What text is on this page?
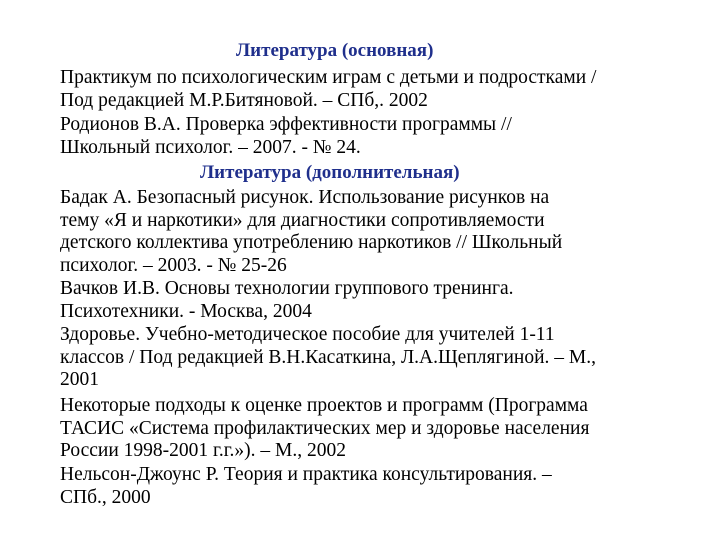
Литература (основная)
Практикум по психологическим играм с детьми и подростками /
Под редакцией М.Р.Битяновой. – СПб,. 2002
Родионов В.А. Проверка эффективности программы //
Школьный психолог. – 2007. - № 24.
Литература (дополнительная)
Бадак А. Безопасный рисунок. Использование рисунков на
тему «Я и наркотики» для диагностики сопротивляемости
детского коллектива употреблению наркотиков // Школьный
психолог. – 2003. - № 25-26
Вачков И.В. Основы технологии группового тренинга.
Психотехники. - Москва, 2004
Здоровье. Учебно-методическое пособие для учителей 1-11
классов / Под редакцией В.Н.Касаткина, Л.А.Щеплягиной. – М.,
2001
Некоторые подходы к оценке проектов и программ (Программа
ТАСИС «Система профилактических мер и здоровье населения
России 1998-2001 г.г.»). – М., 2002
Нельсон-Джоунс Р. Теория и практика консультирования. –
СПб., 2000
